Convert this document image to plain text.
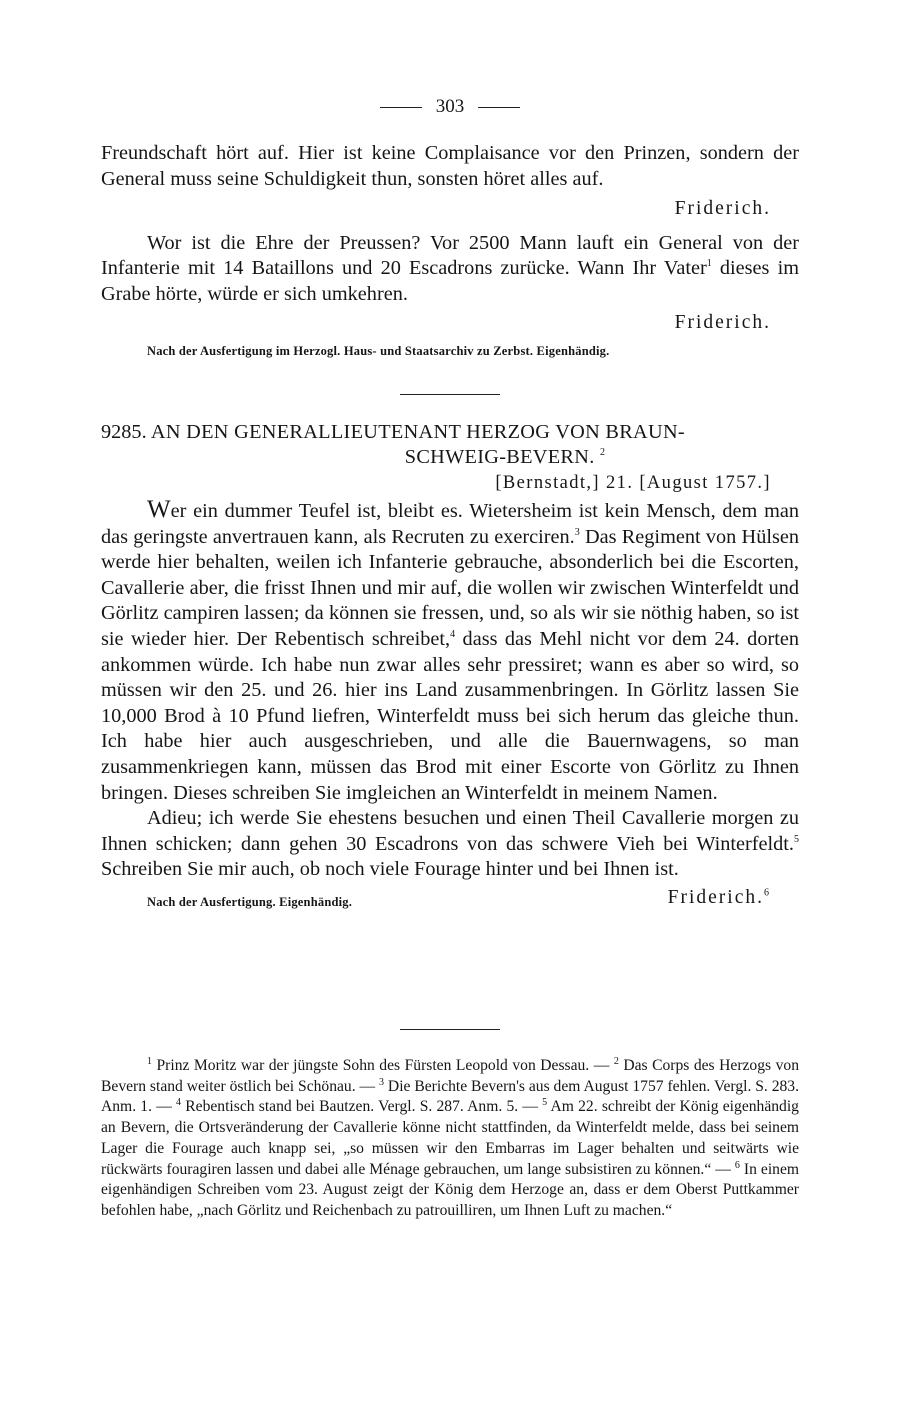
303

Freundschaft hört auf. Hier ist keine Complaisance vor den Prinzen, sondern der General muss seine Schuldigkeit thun, sonsten höret alles auf.

Friderich.

Wor ist die Ehre der Preussen? Vor 2500 Mann lauft ein General von der Infanterie mit 14 Bataillons und 20 Escadrons zurücke. Wann Ihr Vater$^1$ dieses im Grabe hörte, würde er sich umkehren.

Friderich.
Nach der Ausfertigung im Herzogl. Haus- und Staatsarchiv zu Zerbst. Eigenhändig.
9285. AN DEN GENERALLIEUTENANT HERZOG VON BRAUN-
SCHWEIG-BEVERN. $^2$
[Bernstadt,] 21. [August 1757.]

Wer ein dummer Teufel ist, bleibt es. Wietersheim ist kein Mensch, dem man das geringste anvertrauen kann, als Recruten zu exerciren.$^3$ Das Regiment von Hülsen werde hier behalten, weilen ich Infanterie gebrauche, absonderlich bei die Escorten, Cavallerie aber, die frisst Ihnen und mir auf, die wollen wir zwischen Winterfeldt und Görlitz campiren lassen; da können sie fressen, und, so als wir sie nöthig haben, so ist sie wieder hier. Der Rebentisch schreibet,$^4$ dass das Mehl nicht vor dem 24. dorten ankommen würde. Ich habe nun zwar alles sehr pressiret; wann es aber so wird, so müssen wir den 25. und 26. hier ins Land zusammenbringen. In Görlitz lassen Sie 10,000 Brod à 10 Pfund liefren, Winterfeldt muss bei sich herum das gleiche thun. Ich habe hier auch ausgeschrieben, und alle die Bauernwagens, so man zusammenkriegen kann, müssen das Brod mit einer Escorte von Görlitz zu Ihnen bringen. Dieses schreiben Sie imgleichen an Winterfeldt in meinem Namen.

Adieu; ich werde Sie ehestens besuchen und einen Theil Cavallerie morgen zu Ihnen schicken; dann gehen 30 Escadrons von das schwere Vieh bei Winterfeldt.$^5$ Schreiben Sie mir auch, ob noch viele Fourage hinter und bei Ihnen ist.

Nach der Ausfertigung. Eigenhändig.	Friderich.$^6$

$^1$ Prinz Moritz war der jüngste Sohn des Fürsten Leopold von Dessau. — $^2$ Das Corps des Herzogs von Bevern stand weiter östlich bei Schönau. — $^3$ Die Berichte Bevern's aus dem August 1757 fehlen. Vergl. S. 283. Anm. 1. — $^4$ Rebentisch stand bei Bautzen. Vergl. S. 287. Anm. 5. — $^5$ Am 22. schreibt der König eigenhändig an Bevern, die Ortsveränderung der Cavallerie könne nicht stattfinden, da Winterfeldt melde, dass bei seinem Lager die Fourage auch knapp sei, „so müssen wir den Embarras im Lager behalten und seitwärts wie rückwärts fouragiren lassen und dabei alle Ménage gebrauchen, um lange subsistiren zu können.“ — $^6$ In einem eigenhändigen Schreiben vom 23. August zeigt der König dem Herzoge an, dass er dem Oberst Puttkammer befohlen habe, „nach Görlitz und Reichenbach zu patrouilliren, um Ihnen Luft zu machen.“
